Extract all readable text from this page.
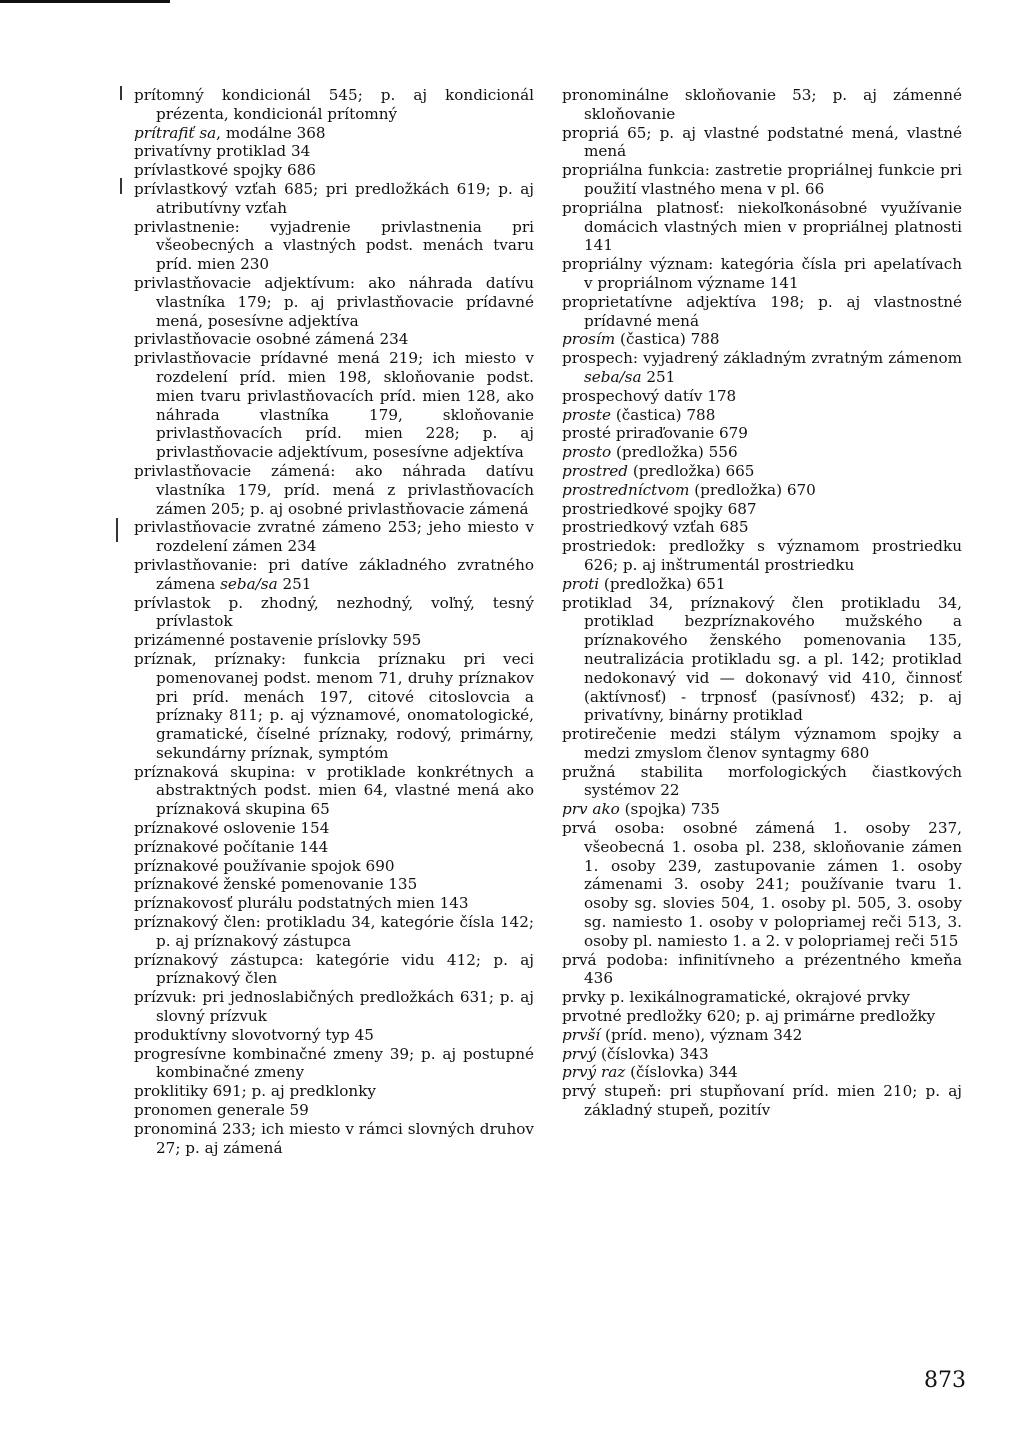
prítomný kondicionál 545; p. aj kondicionál prézenta, kondicionál prítomný
prítrafiť sa, modálne 368
privatívny protiklad 34
prívlastkové spojky 686
prívlastkový vzťah 685; pri predložkách 619; p. aj atributívny vzťah
privlastnenie: vyjadrenie privlastnenia pri všeobecných a vlastných podst. menách tvaru príd. mien 230
privlastňovacie adjektívum: ako náhrada datívu vlastníka 179; p. aj privlastňovacie prídavné mená, posesívne adjektíva
privlastňovacie osobné zámená 234
privlastňovacie prídavné mená 219; ich miesto v rozdelení príd. mien 198, skloňovanie podst. mien tvaru privlastňovacích príd. mien 128, ako náhrada vlastníka 179, skloňovanie privlastňovacích príd. mien 228; p. aj privlastňovacie adjektívum, posesívne adjektíva
privlastňovacie zámená: ako náhrada datívu vlastníka 179, príd. mená z privlastňovacích zámen 205; p. aj osobné privlastňovacie zámená
privlastňovacie zvratné zámeno 253; jeho miesto v rozdelení zámen 234
privlastňovanie: pri datíve základného zvratného zámena seba/sa 251
prívlastok p. zhodný, nezhodný, voľný, tesný prívlastok
prizámenné postavenie príslovky 595
príznak, príznaky: funkcia príznaku pri veci pomenovanej podst. menom 71, druhy príznakov pri príd. menách 197, citové citoslovcia a príznaky 811; p. aj významové, onomatologické, gramatické, číselné príznaky, rodový, primárny, sekundárny príznak, symptóm
príznaková skupina: v protiklade konkrétnych a abstraktných podst. mien 64, vlastné mená ako príznaková skupina 65
príznakové oslovenie 154
príznakové počítanie 144
príznakové používanie spojok 690
príznakové ženské pomenovanie 135
príznakovosť plurálu podstatných mien 143
príznakový člen: protikladu 34, kategórie čísla 142; p. aj príznakový zástupca
príznakový zástupca: kategórie vidu 412; p. aj príznakový člen
prízvuk: pri jednoslabičných predložkách 631; p. aj slovný prízvuk
produktívny slovotvorný typ 45
progresívne kombinačné zmeny 39; p. aj postupné kombinačné zmeny
proklitiky 691; p. aj predklonky
pronomen generale 59
pronominá 233; ich miesto v rámci slovných druhov 27; p. aj zámená
pronominálne skloňovanie 53; p. aj zámenné skloňovanie
propriá 65; p. aj vlastné podstatné mená, vlastné mená
propriálna funkcia: zastretie propriálnej funkcie pri použití vlastného mena v pl. 66
propriálna platnosť: niekoľkonásobné využívanie domácich vlastných mien v propriálnej platnosti 141
propriálny význam: kategória čísla pri apelatívach v propriálnom význame 141
proprietatívne adjektíva 198; p. aj vlastnostné prídavné mená
prosím (častica) 788
prospech: vyjadrený základným zvratným zámenom seba/sa 251
prospechový datív 178
proste (častica) 788
prosté priraďovanie 679
prosto (predložka) 556
prostred (predložka) 665
prostredníctvom (predložka) 670
prostriedkové spojky 687
prostriedkový vzťah 685
prostriedok: predložky s významom prostriedku 626; p. aj inštrumentál prostriedku
proti (predložka) 651
protiklad 34, príznakový člen protikladu 34, protiklad bezpríznakového mužského a príznakového ženského pomenovania 135, neutralizácia protikladu sg. a pl. 142; protiklad nedokonavý vid — dokonavý vid 410, činnosť (aktívnosť) - trpnosť (pasívnosť) 432; p. aj privatívny, binárny protiklad
protirečenie medzi stálym významom spojky a medzi zmyslom členov syntagmy 680
pružná stabilita morfologických čiastkových systémov 22
prv ako (spojka) 735
prvá osoba: osobné zámená 1. osoby 237, všeobecná 1. osoba pl. 238, skloňovanie zámen 1. osoby 239, zastupovanie zámen 1. osoby zámenami 3. osoby 241; používanie tvaru 1. osoby sg. slovies 504, 1. osoby pl. 505, 3. osoby sg. namiesto 1. osoby v polopriamej reči 513, 3. osoby pl. namiesto 1. a 2. v polopriamej reči 515
prvá podoba: infinitívneho a prézentného kmeňa 436
prvky p. lexikálnogramatické, okrajové prvky
prvotné predložky 620; p. aj primárne predložky
prvší (príd. meno), význam 342
prvý (číslovka) 343
prvý raz (číslovka) 344
prvý stupeň: pri stupňovaní príd. mien 210; p. aj základný stupeň, pozitív
873
